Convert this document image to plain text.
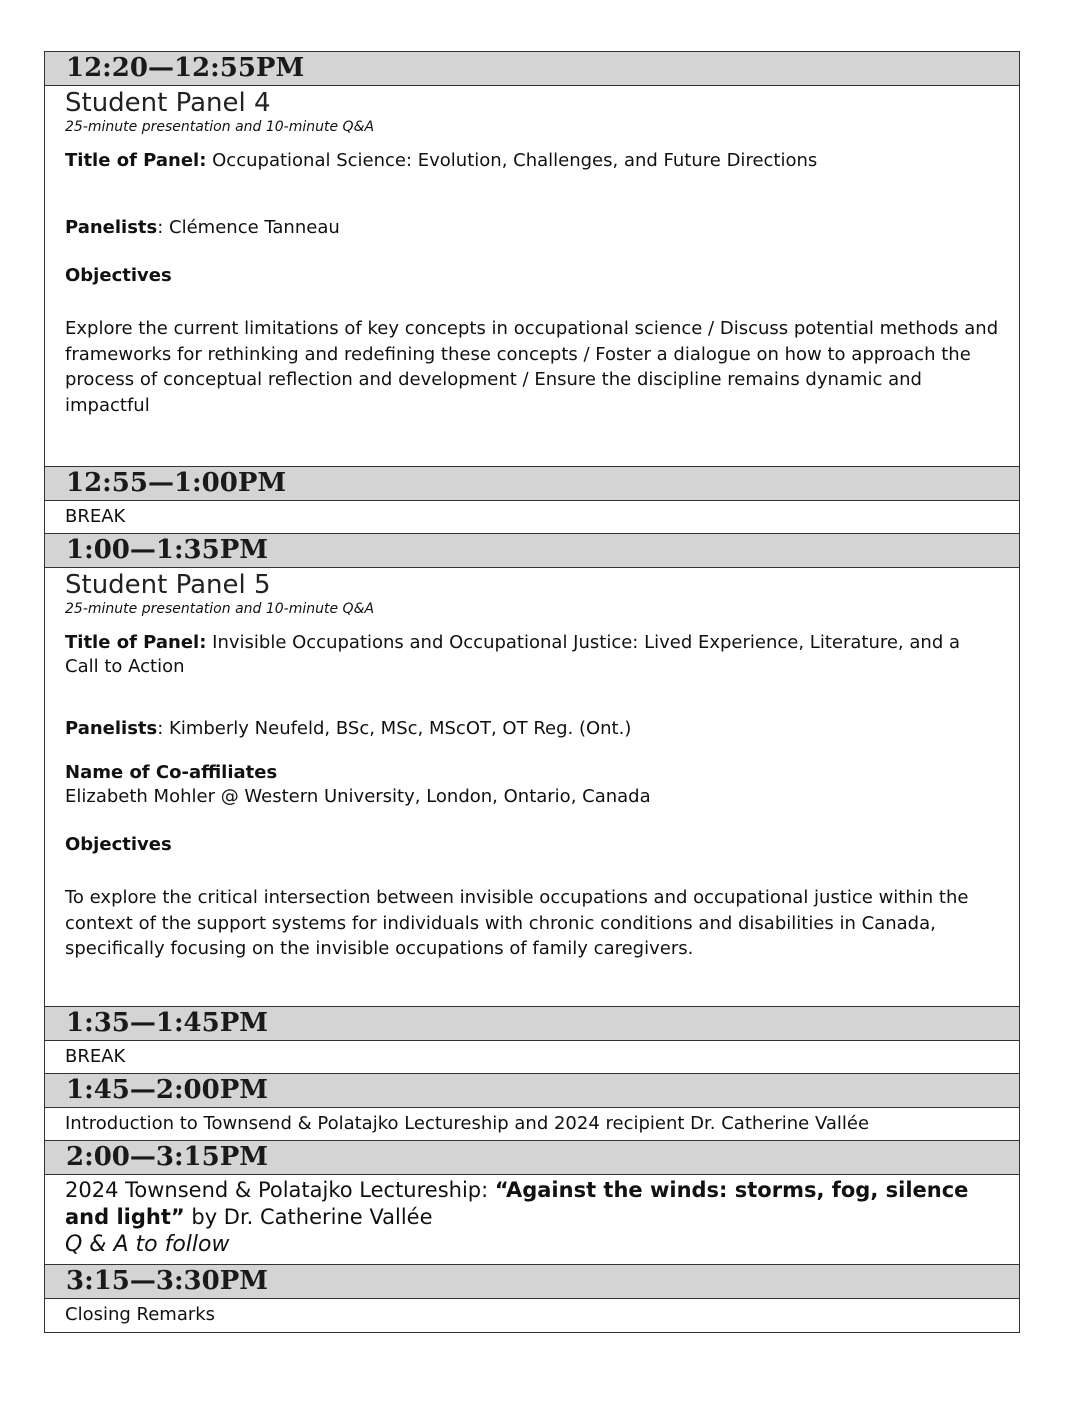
12:20—12:55PM
Student Panel 4
25-minute presentation and 10-minute Q&A
Title of Panel: Occupational Science: Evolution, Challenges, and Future Directions
Panelists: Clémence Tanneau
Objectives
Explore the current limitations of key concepts in occupational science / Discuss potential methods and frameworks for rethinking and redefining these concepts / Foster a dialogue on how to approach the process of conceptual reflection and development / Ensure the discipline remains dynamic and impactful
12:55—1:00PM
BREAK
1:00—1:35PM
Student Panel 5
25-minute presentation and 10-minute Q&A
Title of Panel: Invisible Occupations and Occupational Justice: Lived Experience, Literature, and a Call to Action
Panelists: Kimberly Neufeld, BSc, MSc, MScOT, OT Reg. (Ont.)
Name of Co-affiliates
Elizabeth Mohler @ Western University, London, Ontario, Canada
Objectives
To explore the critical intersection between invisible occupations and occupational justice within the context of the support systems for individuals with chronic conditions and disabilities in Canada, specifically focusing on the invisible occupations of family caregivers.
1:35—1:45PM
BREAK
1:45—2:00PM
Introduction to Townsend & Polatajko Lectureship and 2024 recipient Dr. Catherine Vallée
2:00—3:15PM
2024 Townsend & Polatajko Lectureship: “Against the winds: storms, fog, silence and light” by Dr. Catherine Vallée
Q & A to follow
3:15—3:30PM
Closing Remarks
